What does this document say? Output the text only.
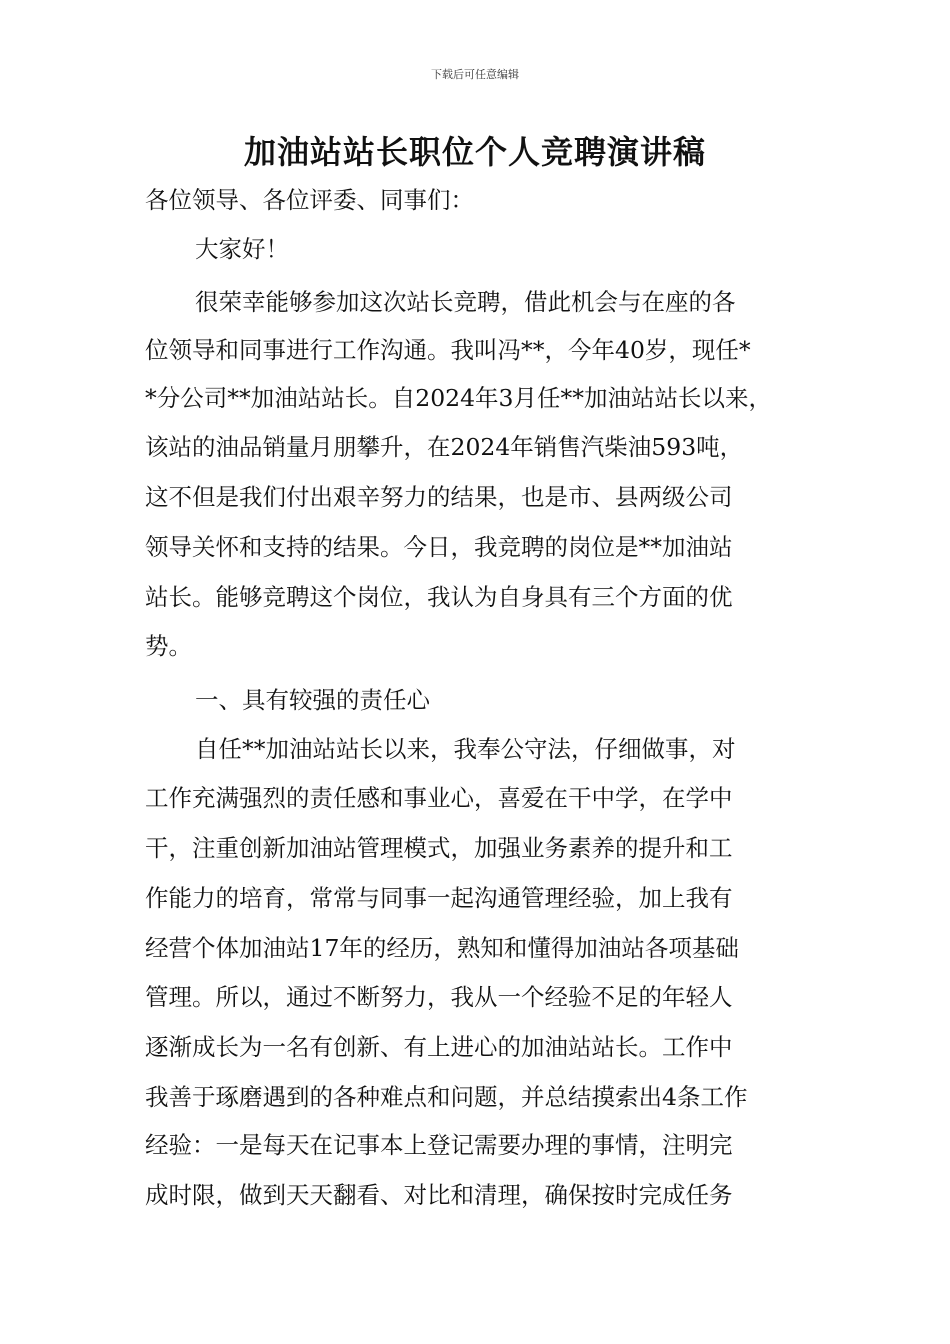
下载后可任意编辑
加油站站长职位个人竞聘演讲稿
各位领导、各位评委、同事们：
大家好！
很荣幸能够参加这次站长竞聘，借此机会与在座的各
位领导和同事进行工作沟通。我叫冯**，今年40岁，现任*
*分公司**加油站站长。自2024年3月任**加油站站长以来，
该站的油品销量月朋攀升，在2024年销售汽柴油593吨，
这不但是我们付出艰辛努力的结果，也是市、县两级公司
领导关怀和支持的结果。今日，我竞聘的岗位是**加油站
站长。能够竞聘这个岗位，我认为自身具有三个方面的优
势。
一、具有较强的责任心
自任**加油站站长以来，我奉公守法，仔细做事，对
工作充满强烈的责任感和事业心，喜爱在干中学，在学中
干，注重创新加油站管理模式，加强业务素养的提升和工
作能力的培育，常常与同事一起沟通管理经验，加上我有
经营个体加油站17年的经历，熟知和懂得加油站各项基础
管理。所以，通过不断努力，我从一个经验不足的年轻人
逐渐成长为一名有创新、有上进心的加油站站长。工作中
我善于琢磨遇到的各种难点和问题，并总结摸索出4条工作
经验：一是每天在记事本上登记需要办理的事情，注明完
成时限，做到天天翻看、对比和清理，确保按时完成任务
